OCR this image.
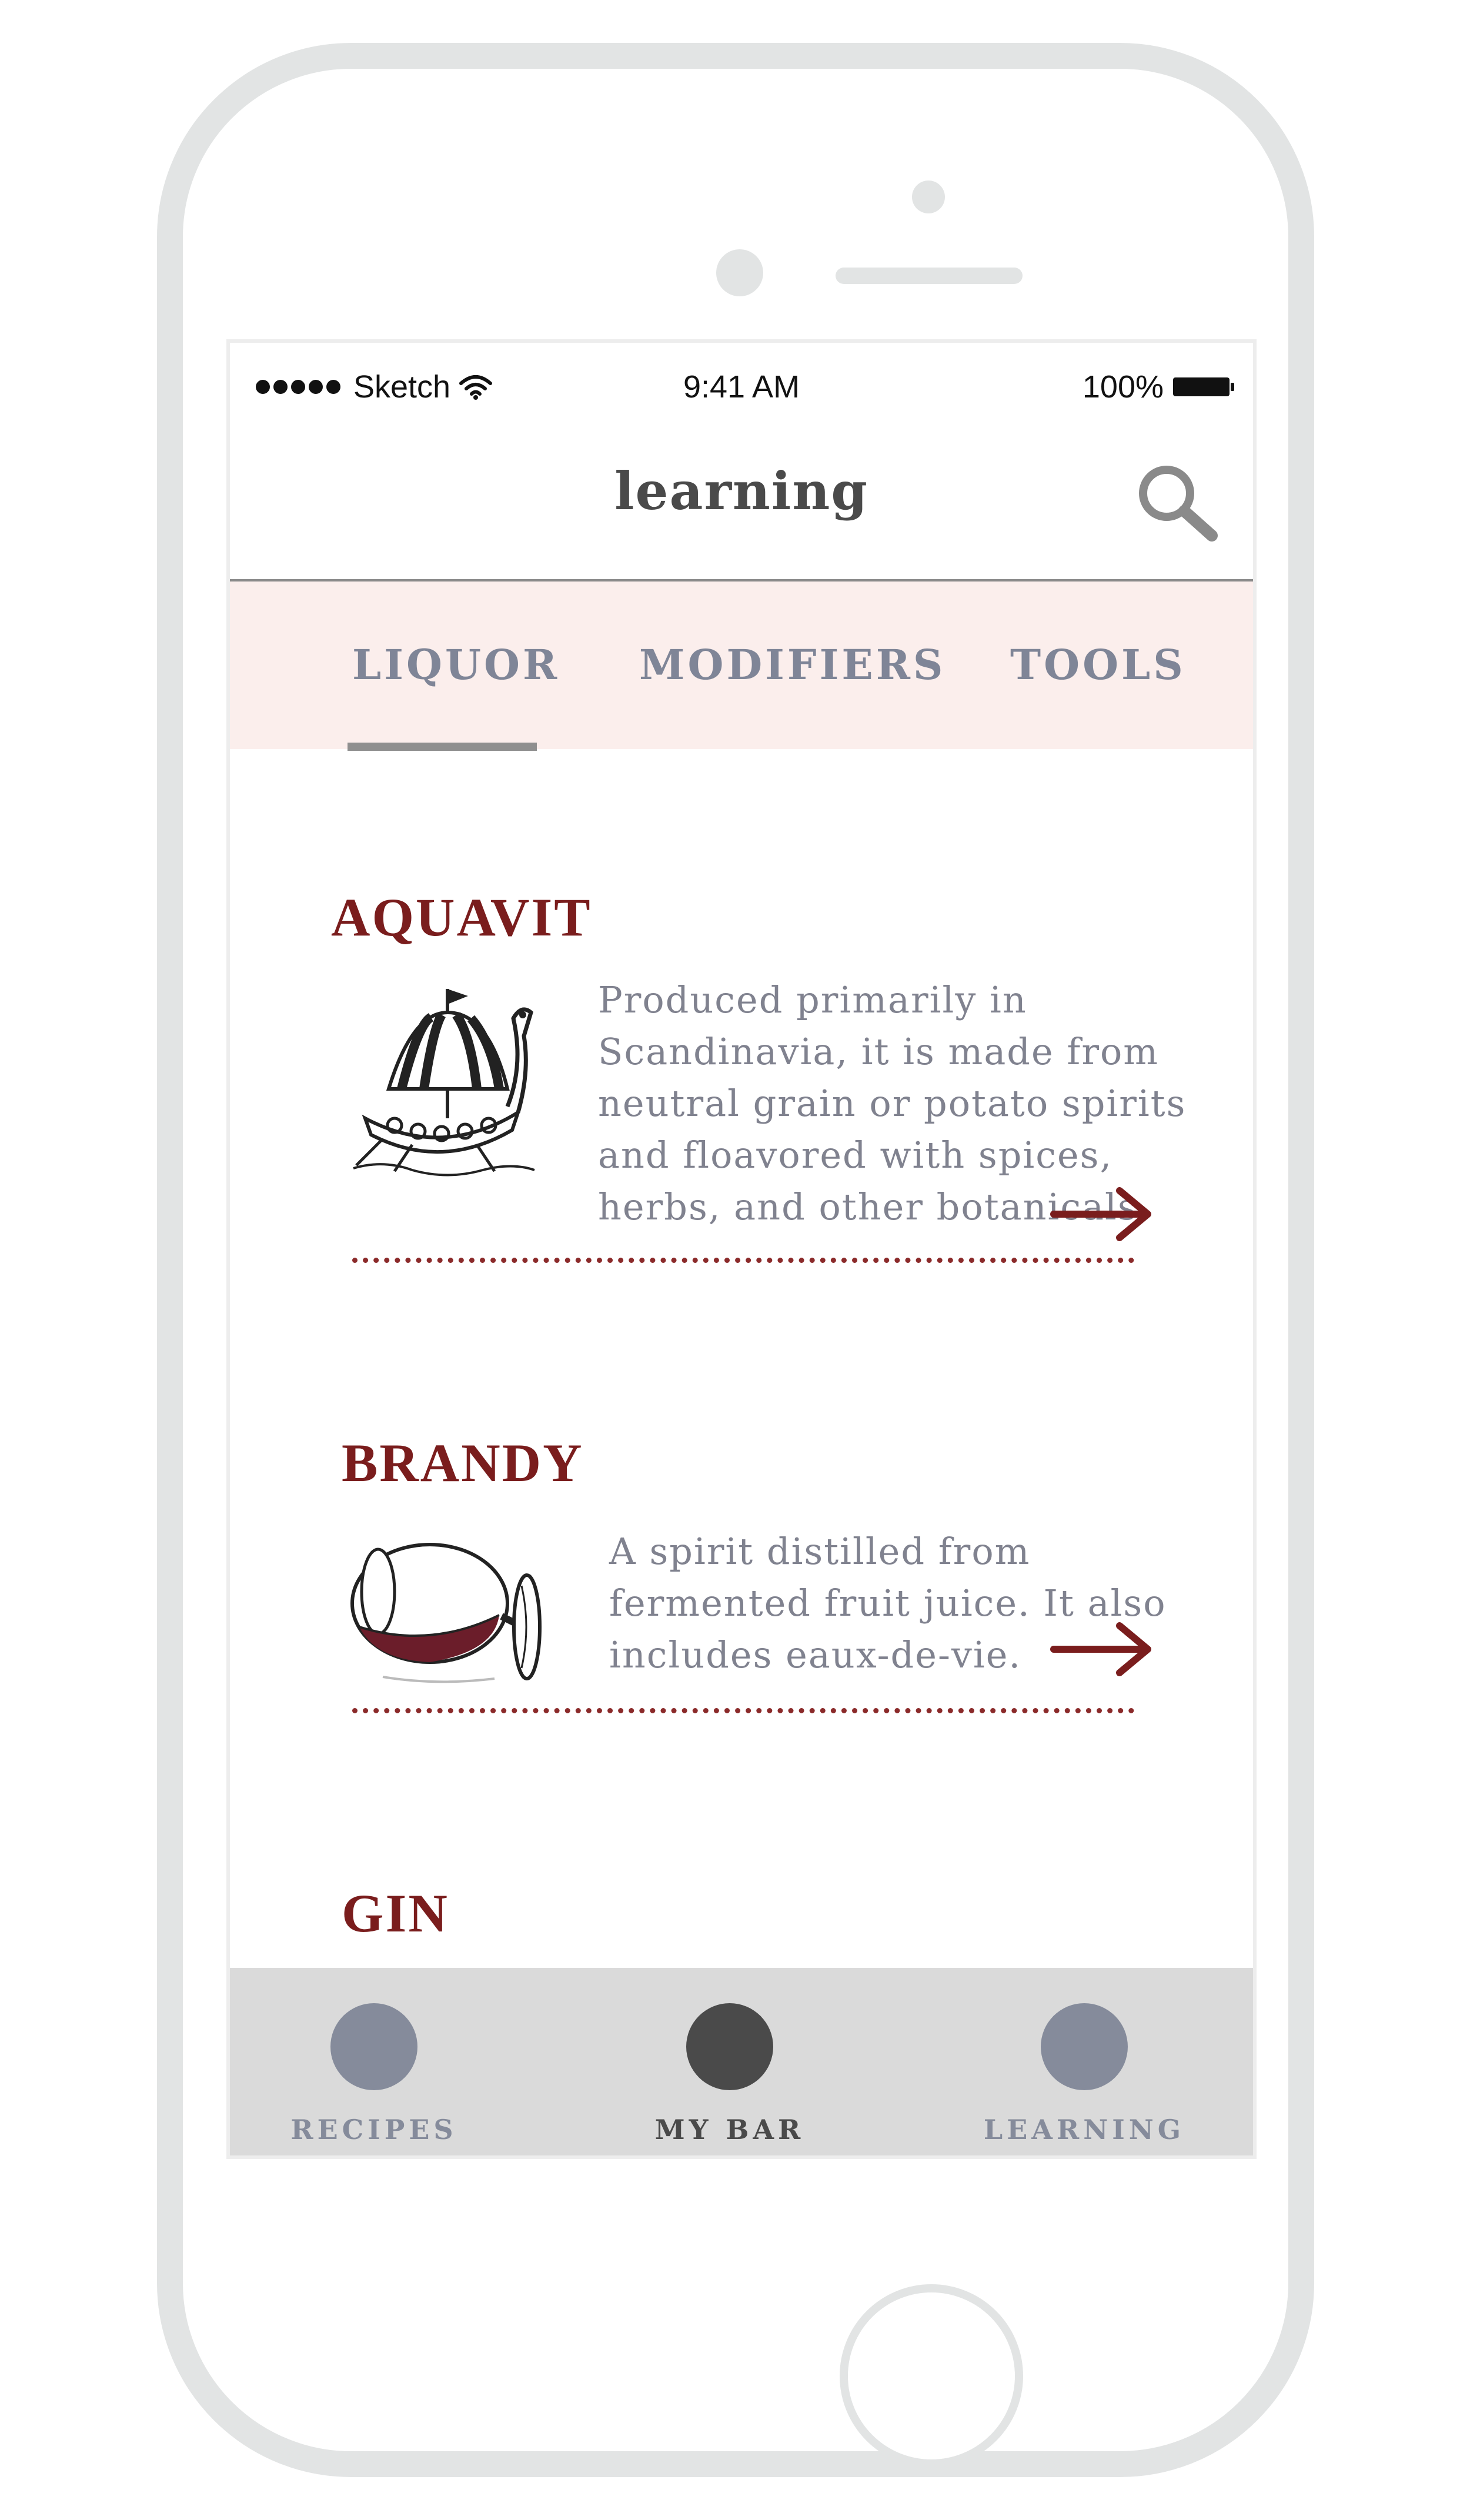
Sketch	9:41 AM	100%
learning
LIQUOR MODIFIERS TOOLS
AQUAVIT

Produced primarily in
Scandinavia, it is made from
neutral grain or potato spirits
and floavored with spices,
herbs, and other botanicals.

BRANDY

A spirit distilled from
fermented fruit juice. It also
includes eaux-de-vie.

GIN
RECIPES	MY BAR	LEARNING
